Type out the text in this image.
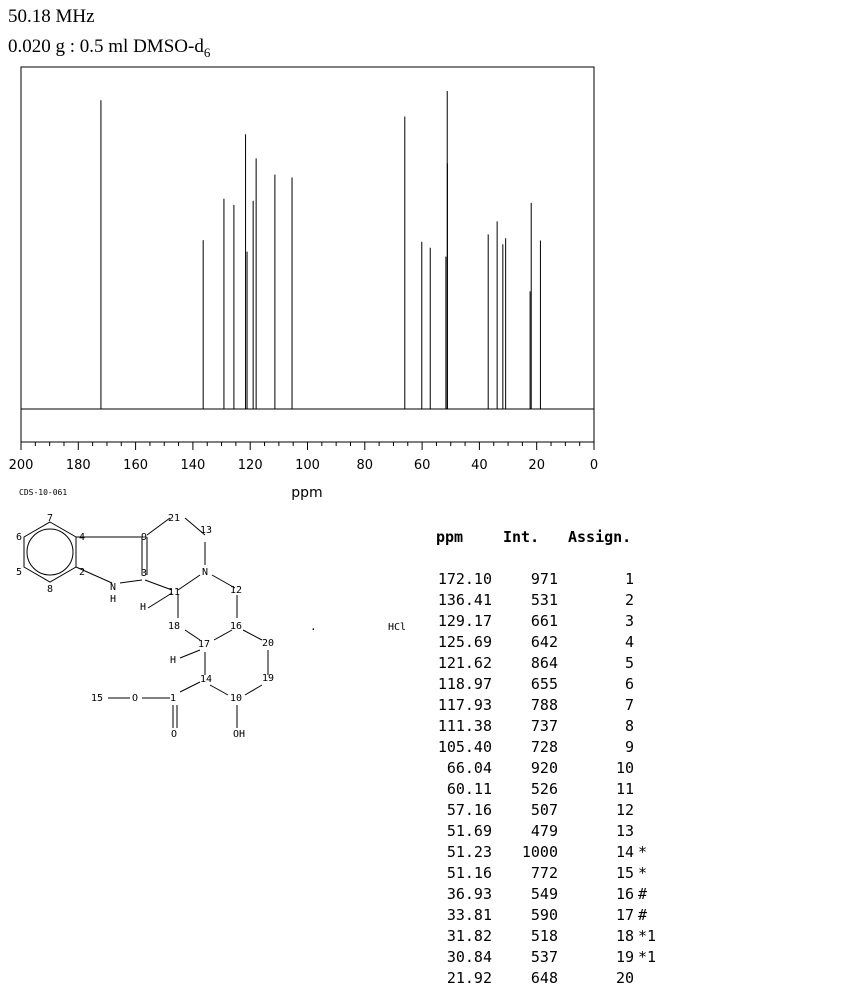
50.18 MHz
0.020 g : 0.5 ml DMSO-$d_6$
200 180 160 140 120 100	80	60	40	20	0
ppm
CDS-10-061
7
6
5
8
4
2
9
3
N
H
21
13
N
11
H
12
18	16
20
17
H
19
15	O	1
O
14
10
OH
.	HCl
ppm	Int. Assign.
172.10	971	1
136.41	531	2
129.17	661	3
125.69	642	4
121.62	864	5
118.97	655	6
117.93	788	7
111.38	737	8
105.40	728	9
66.04	920	10
60.11	526	11
57.16	507	12
51.69	479	13
51.23 1000	14 *
51.16	772	15 *
36.93	549	16 #
33.81	590	17 #
31.82	518	18 *1
30.84	537	19 *1
21.92	648	20
